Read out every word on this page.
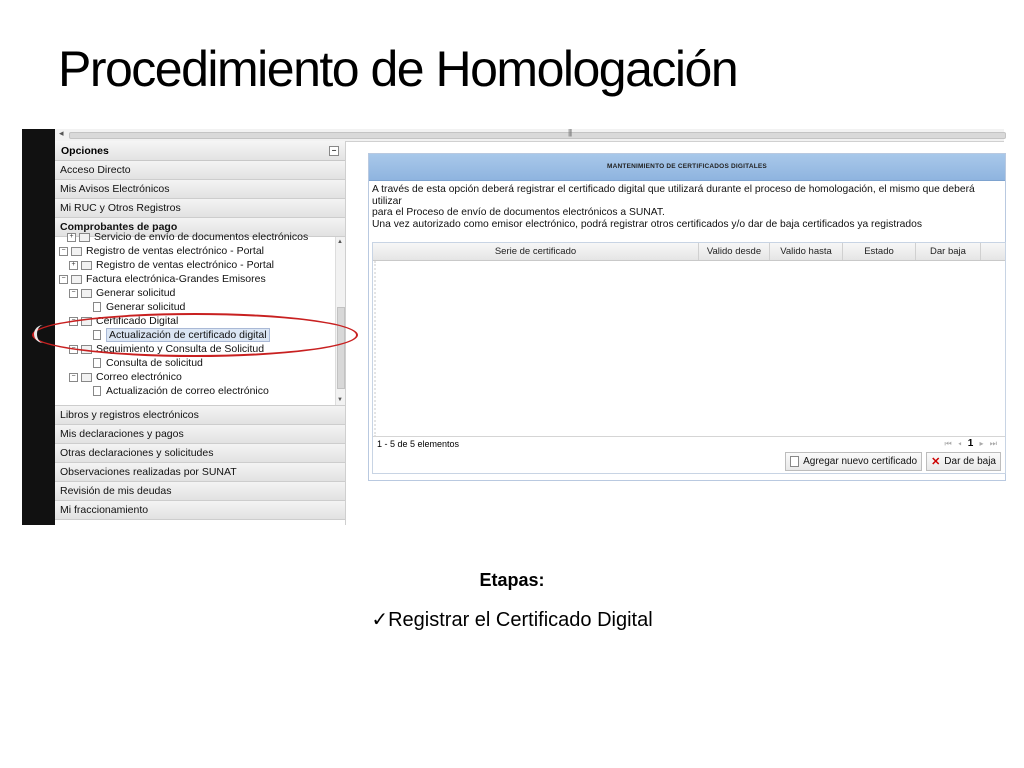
Procedimiento de Homologación
◂	|||
Opciones	−
Acceso Directo
Mis Avisos Electrónicos
Mi RUC y Otros Registros
Comprobantes de pago
+ Servicio de envío de documentos electrónicos
− Registro de ventas electrónico - Portal
+ Registro de ventas electrónico - Portal
− Factura electrónica-Grandes Emisores
− Generar solicitud
Generar solicitud
− Certificado Digital
Actualización de certificado digital
− Seguimiento y Consulta de Solicitud
Consulta de solicitud
− Correo electrónico
Actualización de correo electrónico
▲
▼
Libros y registros electrónicos
Mis declaraciones y pagos
Otras declaraciones y solicitudes
Observaciones realizadas por SUNAT
Revisión de mis deudas
Mi fraccionamiento
MANTENIMIENTO DE CERTIFICADOS DIGITALES
A través de esta opción deberá registrar el certificado digital que utilizará durante el proceso de homologación, el mismo que deberá utilizar
para el Proceso de envío de documentos electrónicos a SUNAT.
Una vez autorizado como emisor electrónico, podrá registrar otros certificados y/o dar de baja certificados ya registrados
Serie de certificado	Valido desde	Valido hasta	Estado	Dar baja
1 - 5 de 5 elementos	⏮ ◂ 1 ▸ ⏭
Agregar nuevo certificado ✕ Dar de baja
Etapas:
✓Registrar el Certificado Digital
